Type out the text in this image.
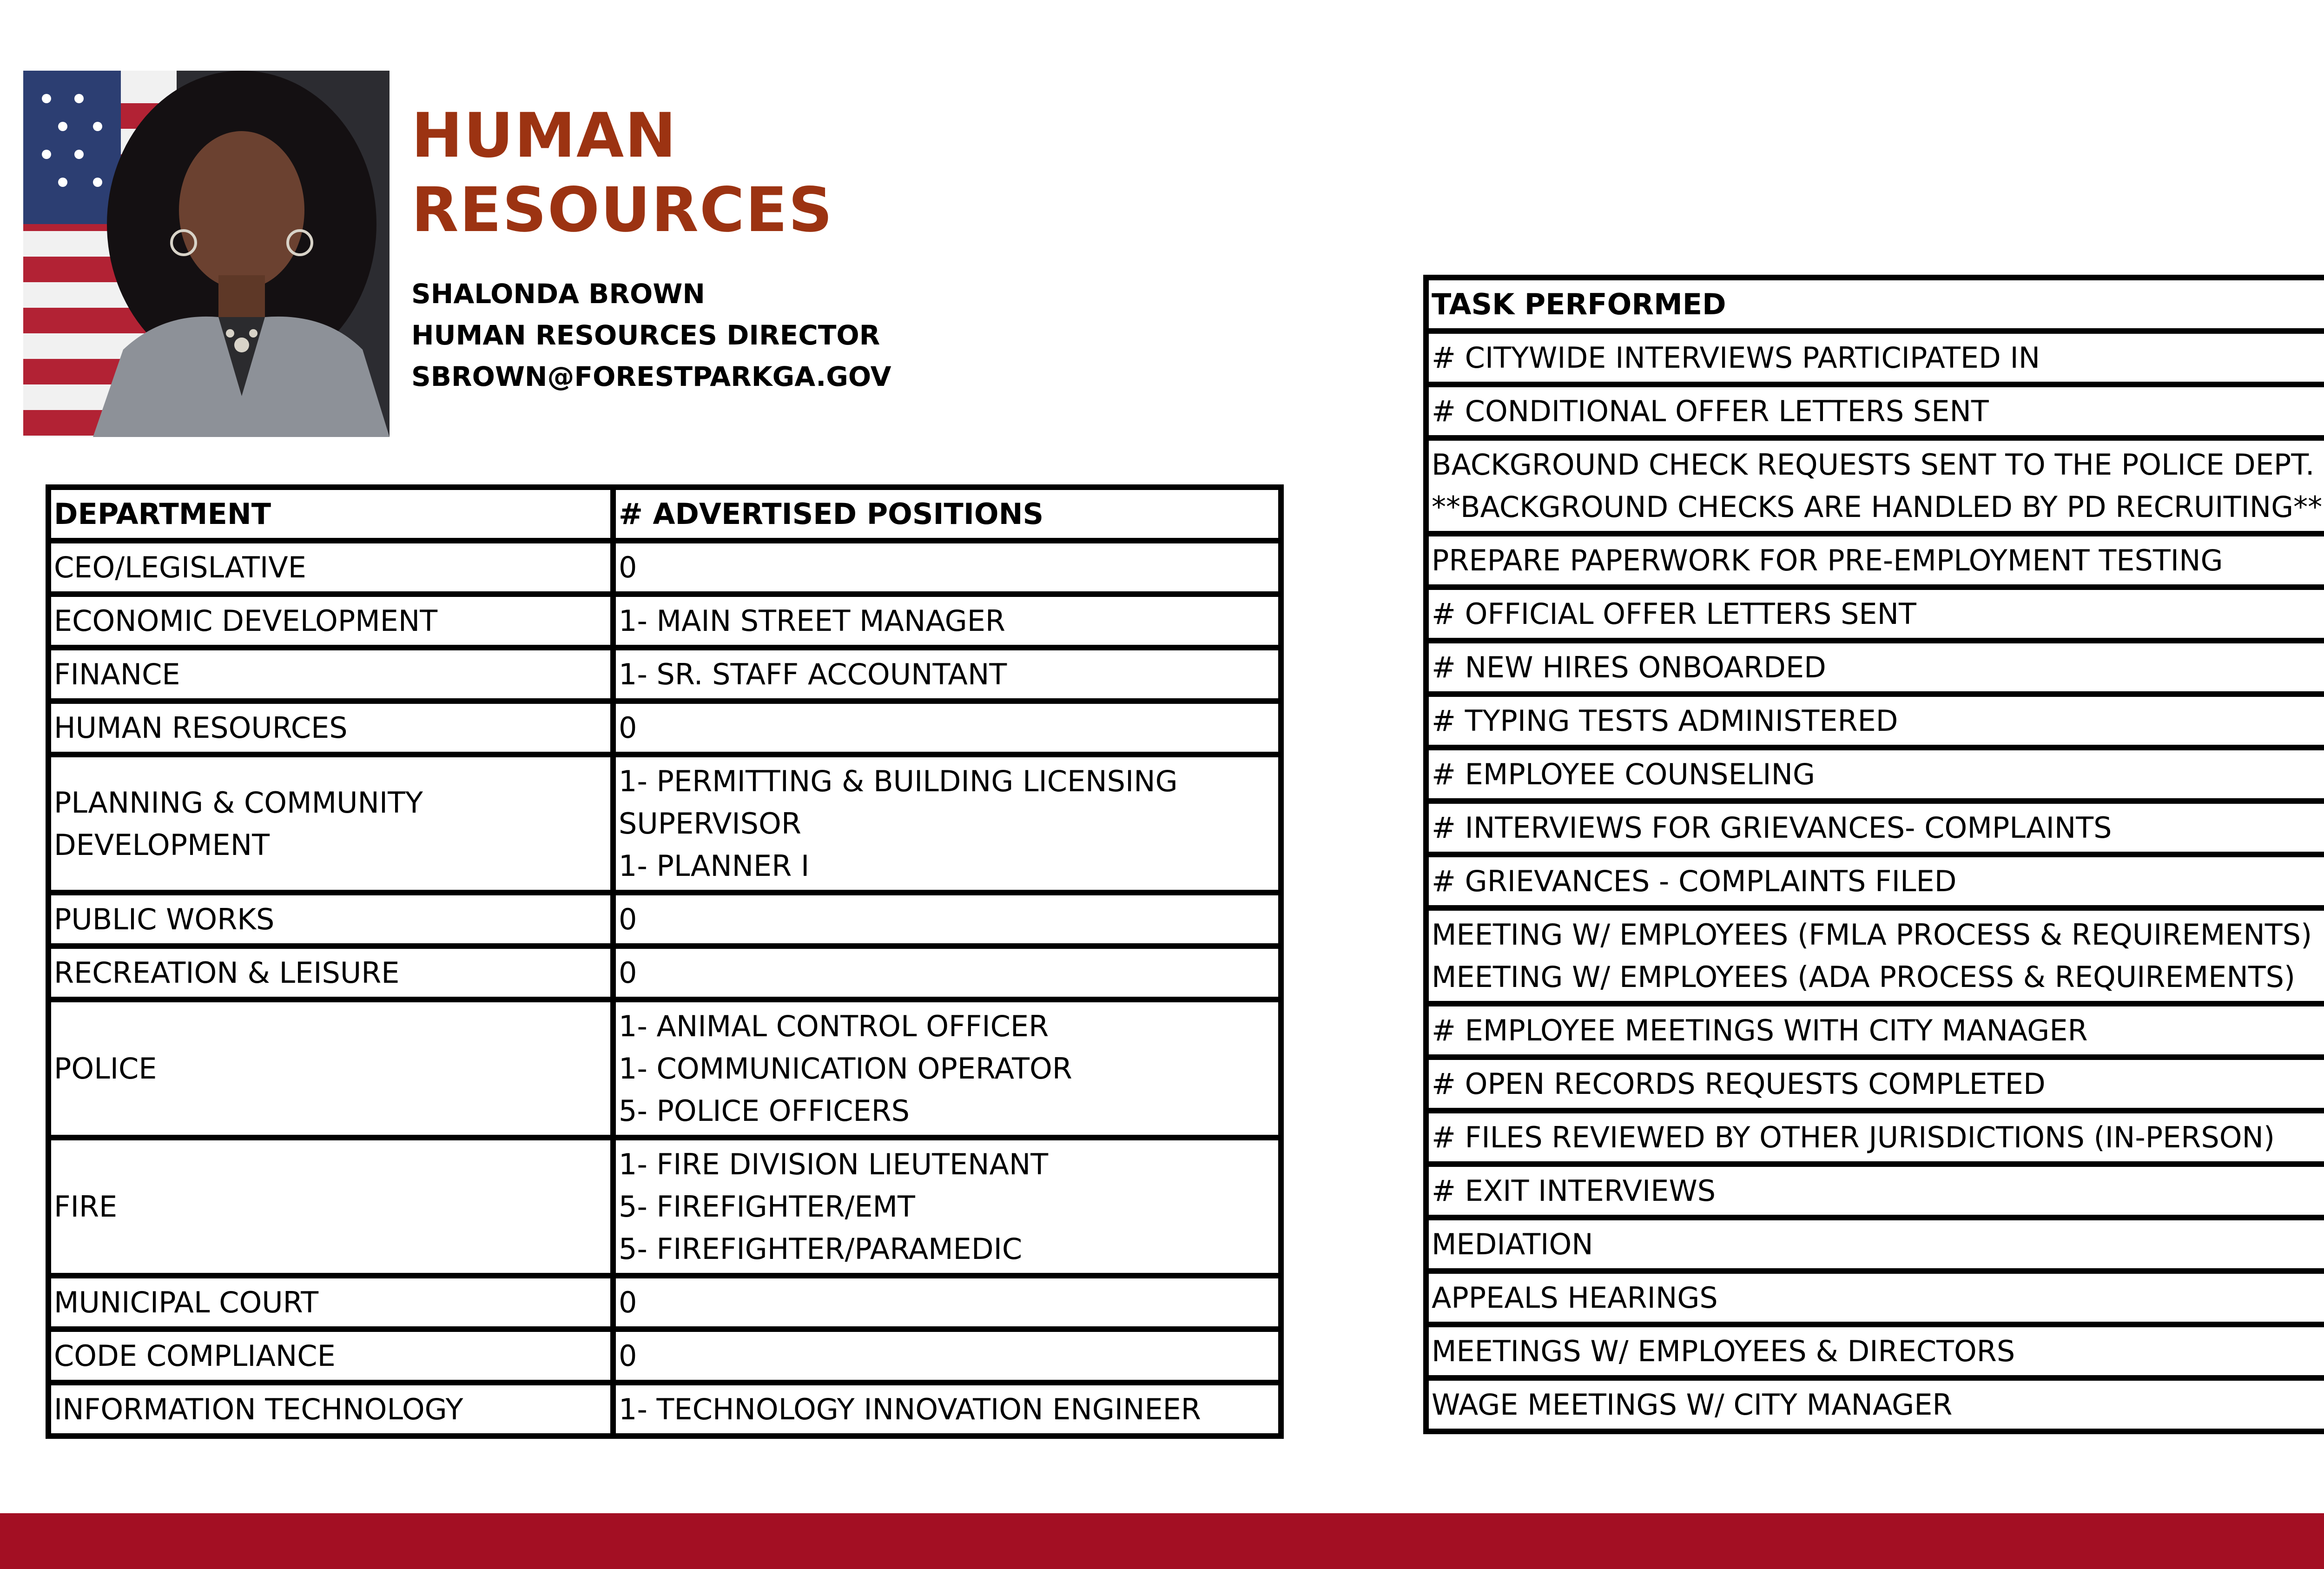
HUMAN
RESOURCES
SHALONDA BROWN
HUMAN RESOURCES DIRECTOR
SBROWN@FORESTPARKGA.GOV
DEPARTMENT	# ADVERTISED POSITIONS

CEO/LEGISLATIVE	0

ECONOMIC DEVELOPMENT	1- MAIN STREET MANAGER

FINANCE	1- SR. STAFF ACCOUNTANT

HUMAN RESOURCES	0

PLANNING & COMMUNITY
DEVELOPMENT	1- PERMITTING & BUILDING LICENSING
SUPERVISOR
1- PLANNER I

PUBLIC WORKS	0

RECREATION & LEISURE	0

POLICE	1- ANIMAL CONTROL OFFICER
1- COMMUNICATION OPERATOR
5- POLICE OFFICERS

FIRE	1- FIRE DIVISION LIEUTENANT
5- FIREFIGHTER/EMT
5- FIREFIGHTER/PARAMEDIC

MUNICIPAL COURT	0

CODE COMPLIANCE	0

INFORMATION TECHNOLOGY	1- TECHNOLOGY INNOVATION ENGINEER
TASK PERFORMED	

# CITYWIDE INTERVIEWS PARTICIPATED IN

# CONDITIONAL OFFER LETTERS SENT

BACKGROUND CHECK REQUESTS SENT TO THE POLICE DEPT.
**BACKGROUND CHECKS ARE HANDLED BY PD RECRUITING**

PREPARE PAPERWORK FOR PRE-EMPLOYMENT TESTING

# OFFICIAL OFFER LETTERS SENT

# NEW HIRES ONBOARDED

# TYPING TESTS ADMINISTERED

# EMPLOYEE COUNSELING

# INTERVIEWS FOR GRIEVANCES- COMPLAINTS

# GRIEVANCES - COMPLAINTS FILED

MEETING W/ EMPLOYEES (FMLA PROCESS & REQUIREMENTS)
MEETING W/ EMPLOYEES (ADA PROCESS & REQUIREMENTS)

# EMPLOYEE MEETINGS WITH CITY MANAGER

# OPEN RECORDS REQUESTS COMPLETED

# FILES REVIEWED BY OTHER JURISDICTIONS (IN-PERSON)

# EXIT INTERVIEWS

MEDIATION

APPEALS HEARINGS

MEETINGS W/ EMPLOYEES & DIRECTORS

WAGE MEETINGS W/ CITY MANAGER
